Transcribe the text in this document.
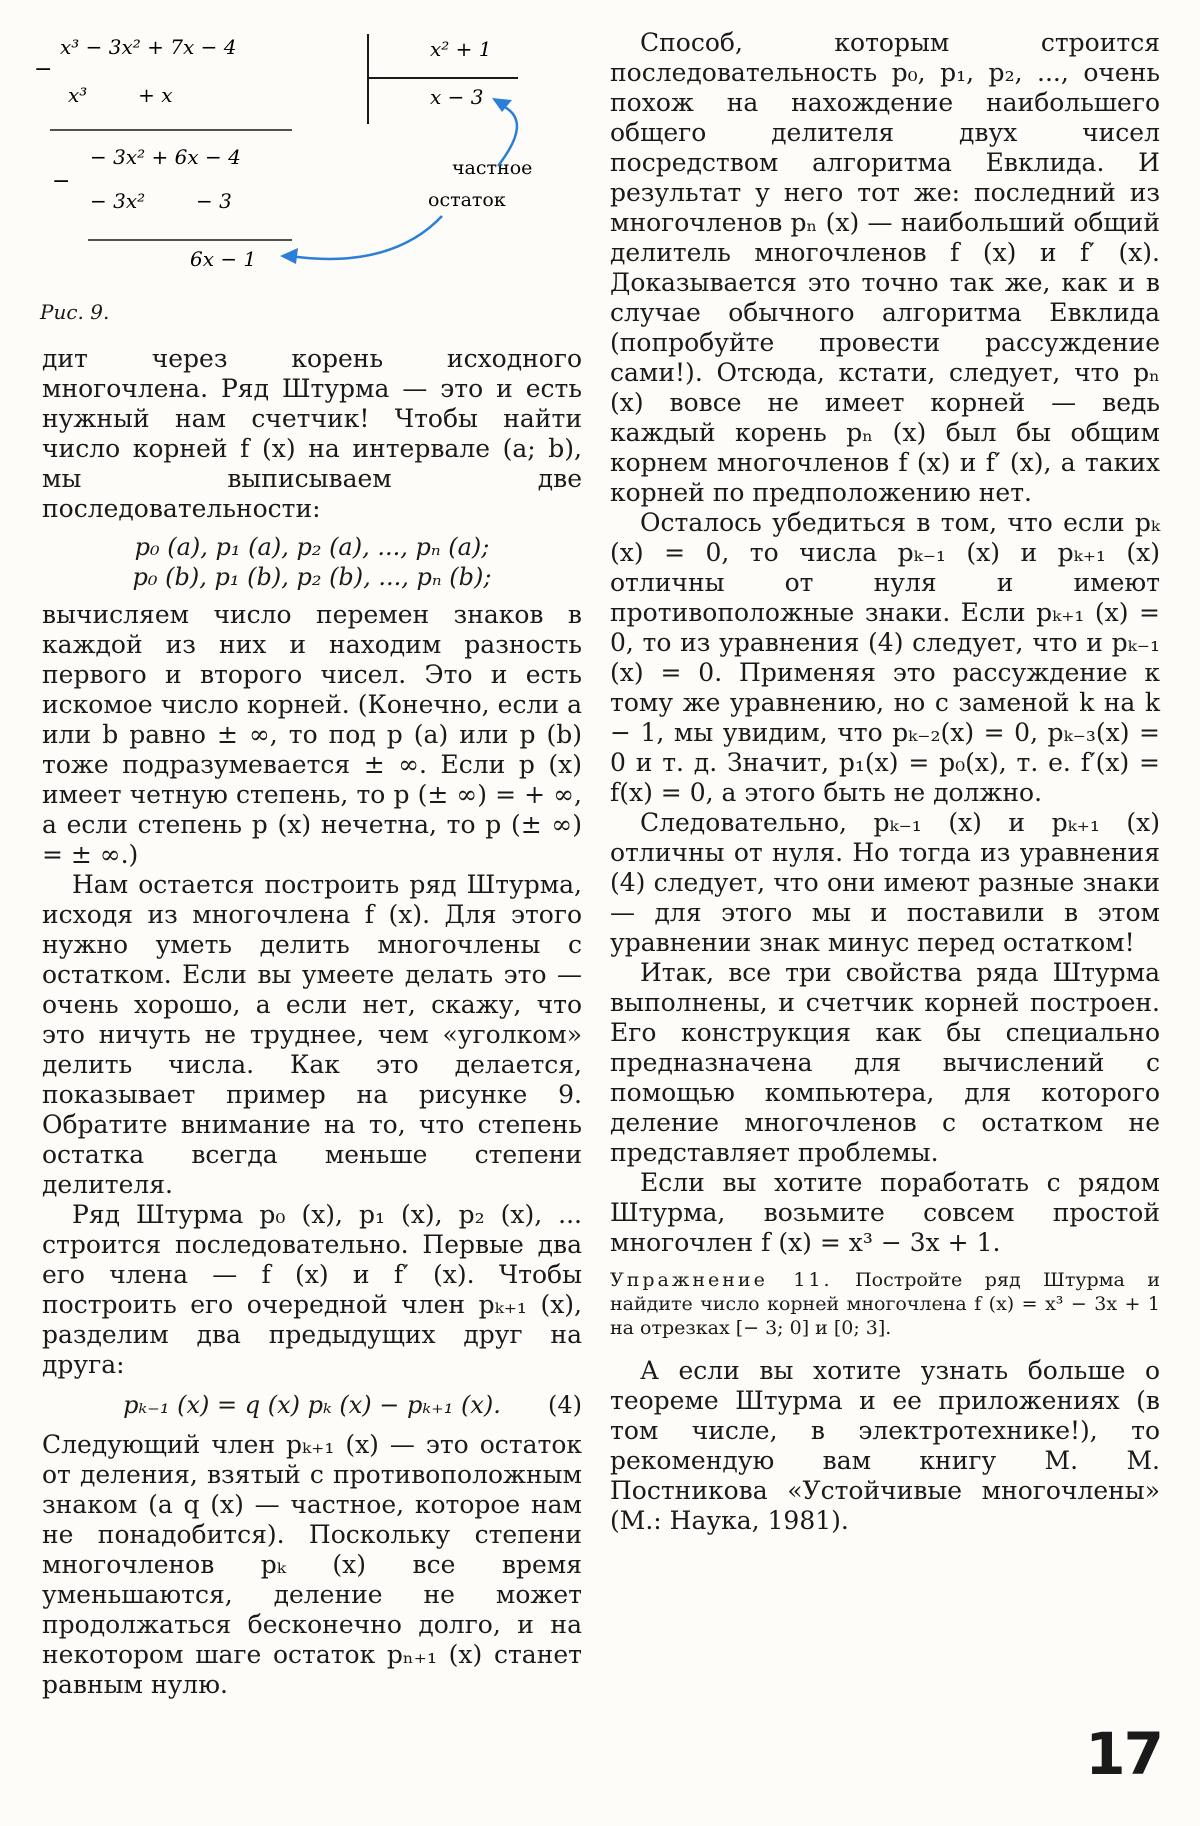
−
−
x³ − 3x² + 7x − 4
x³        + x
− 3x² + 6x − 4
− 3x²        − 3
6x − 1
x² + 1
x − 3
частное
остаток
Рис. 9.

дит через корень исходного многочлена. Ряд Штурма — это и есть нужный нам счетчик! Чтобы найти число корней f (x) на интервале (a; b), мы выписываем две последовательности:

p₀ (a), p₁ (a), p₂ (a), ..., pₙ (a);

p₀ (b), p₁ (b), p₂ (b), ..., pₙ (b);

вычисляем число перемен знаков в каждой из них и находим разность первого и второго чисел. Это и есть искомое число корней. (Конечно, если a или b равно ± ∞, то под p (a) или p (b) тоже подразумевается ± ∞. Если p (x) имеет четную степень, то p (± ∞) = + ∞, а если степень p (x) нечетна, то p (± ∞) = ± ∞.)

Нам остается построить ряд Штурма, исходя из многочлена f (x). Для этого нужно уметь делить многочлены с остатком. Если вы умеете делать это — очень хорошо, а если нет, скажу, что это ничуть не труднее, чем «уголком» делить числа. Как это делается, показывает пример на рисунке 9. Обратите внимание на то, что степень остатка всегда меньше степени делителя.

Ряд Штурма p₀ (x), p₁ (x), p₂ (x), ... строится последовательно. Первые два его члена — f (x) и f′ (x). Чтобы построить его очередной член pₖ₊₁ (x), разделим два предыдущих друг на друга:

pₖ₋₁ (x) = q (x) pₖ (x) − pₖ₊₁ (x).	(4)

Следующий член pₖ₊₁ (x) — это остаток от деления, взятый с противоположным знаком (а q (x) — частное, которое нам не понадобится). Поскольку степени многочленов pₖ (x) все время уменьшаются, деление не может продолжаться бесконечно долго, и на некотором шаге остаток pₙ₊₁ (x) станет равным нулю.

Способ, которым строится последовательность p₀, p₁, p₂, ..., очень похож на нахождение наибольшего общего делителя двух чисел посредством алгоритма Евклида. И результат у него тот же: последний из многочленов pₙ (x) — наибольший общий делитель многочленов f (x) и f′ (x). Доказывается это точно так же, как и в случае обычного алгоритма Евклида (попробуйте провести рассуждение сами!). Отсюда, кстати, следует, что pₙ (x) вовсе не имеет корней — ведь каждый корень pₙ (x) был бы общим корнем многочленов f (x) и f′ (x), а таких корней по предположению нет.

Осталось убедиться в том, что если pₖ (x) = 0, то числа pₖ₋₁ (x) и pₖ₊₁ (x) отличны от нуля и имеют противоположные знаки. Если pₖ₊₁ (x) = 0, то из уравнения (4) следует, что и pₖ₋₁ (x) = 0. Применяя это рассуждение к тому же уравнению, но с заменой k на k − 1, мы увидим, что pₖ₋₂(x) = 0, pₖ₋₃(x) = 0 и т. д. Значит, p₁(x) = p₀(x), т. е. f′(x) = f(x) = 0, а этого быть не должно.

Следовательно, pₖ₋₁ (x) и pₖ₊₁ (x) отличны от нуля. Но тогда из уравнения (4) следует, что они имеют разные знаки — для этого мы и поставили в этом уравнении знак минус перед остатком!

Итак, все три свойства ряда Штурма выполнены, и счетчик корней построен. Его конструкция как бы специально предназначена для вычислений с помощью компьютера, для которого деление многочленов с остатком не представляет проблемы.

Если вы хотите поработать с рядом Штурма, возьмите совсем простой многочлен f (x) = x³ − 3x + 1.

Упражнение 11. Постройте ряд Штурма и найдите число корней многочлена f (x) = x³ − 3x + 1 на отрезках [− 3; 0] и [0; 3].

А если вы хотите узнать больше о теореме Штурма и ее приложениях (в том числе, в электротехнике!), то рекомендую вам книгу М. М. Постникова «Устойчивые многочлены» (М.: Наука, 1981).

17
